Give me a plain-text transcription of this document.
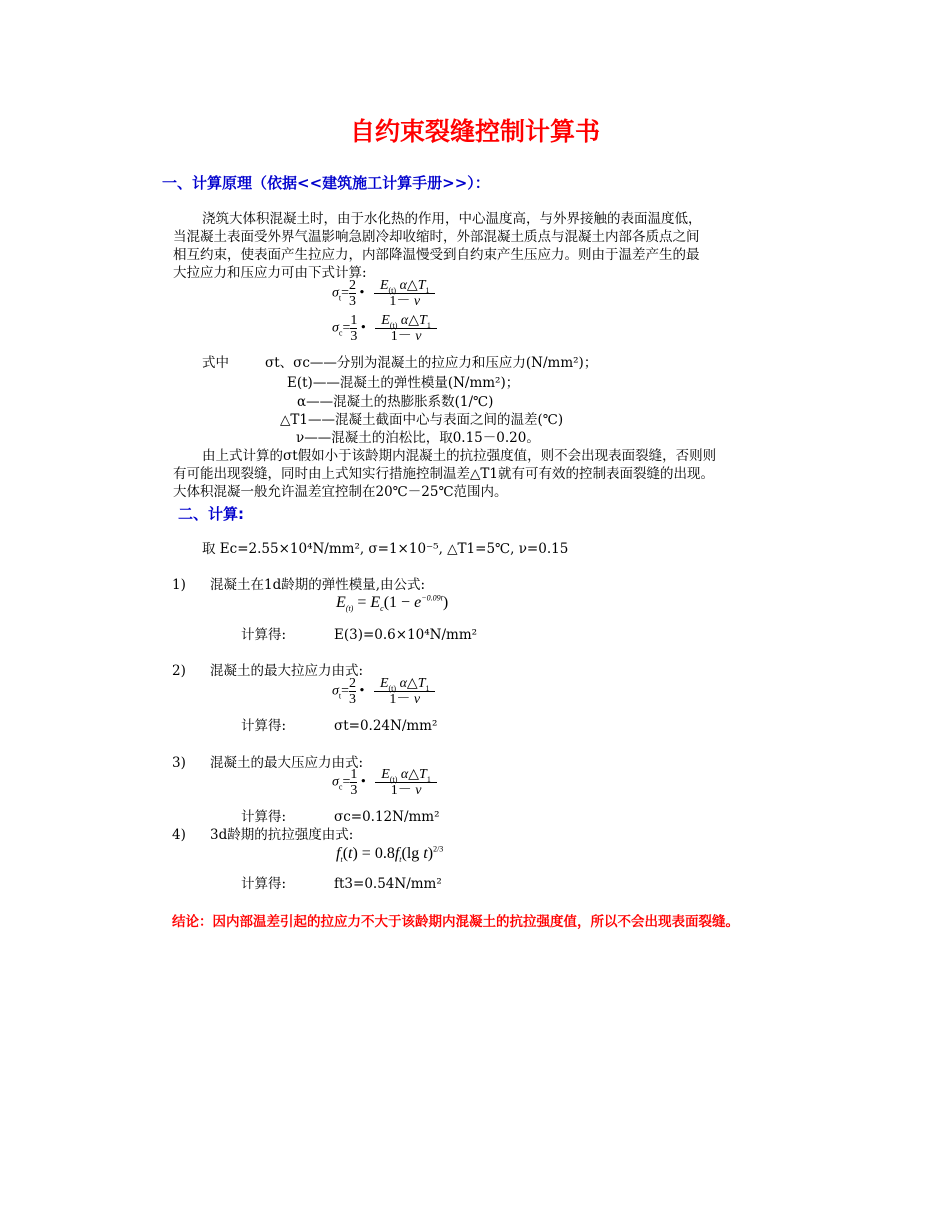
自约束裂缝控制计算书
一、计算原理（依据<<建筑施工计算手册>>）：
浇筑大体积混凝土时，由于水化热的作用，中心温度高，与外界接触的表面温度低，
当混凝土表面受外界气温影响急剧冷却收缩时，外部混凝土质点与混凝土内部各质点之间
相互约束，使表面产生拉应力，内部降温慢受到自约束产生压应力。则由于温差产生的最
大拉应力和压应力可由下式计算:
$\sigma_t= \frac{2}{3}$ • $\frac{E_{(t)} \alpha\triangle T_1}{1- \nu}$
$\sigma_c= \frac{1}{3}$ • $\frac{E_{(t)} \alpha\triangle T_1}{1- \nu}$
式中	σt、σc——分别为混凝土的拉应力和压应力(N/mm²)；
E(t)——混凝土的弹性模量(N/mm²)；
α——混凝土的热膨胀系数(1/℃)
△T1——混凝土截面中心与表面之间的温差(℃)
ν——混凝土的泊松比，取0.15－0.20。
由上式计算的σt假如小于该龄期内混凝土的抗拉强度值，则不会出现表面裂缝，否则则
有可能出现裂缝，同时由上式知实行措施控制温差△T1就有可有效的控制表面裂缝的出现。
大体积混凝一般允许温差宜控制在20℃－25℃范围内。
二、计算:
取 Ec=2.55×10⁴N/mm², σ=1×10⁻⁵, △T1=5℃, ν=0.15
1) 混凝土在1d龄期的弹性模量,由公式:
$E_{(t)} = E_c(1 - e^{-0.09t})$
计算得:	E(3)=0.6×10⁴N/mm²
2) 混凝土的最大拉应力由式:
$\sigma_t= \frac{2}{3}$ • $\frac{E_{(t)} \alpha\triangle T_1}{1- \nu}$
计算得:	σt=0.24N/mm²
3) 混凝土的最大压应力由式:
$\sigma_c= \frac{1}{3}$ • $\frac{E_{(t)} \alpha\triangle T_1}{1- \nu}$
计算得:	σc=0.12N/mm²
4) 3d龄期的抗拉强度由式:
$f_t(t) = 0.8f_t(\lg$ t)$^{2/3}$
计算得:	ft3=0.54N/mm²
结论：因内部温差引起的拉应力不大于该龄期内混凝土的抗拉强度值，所以不会出现表面裂缝。
